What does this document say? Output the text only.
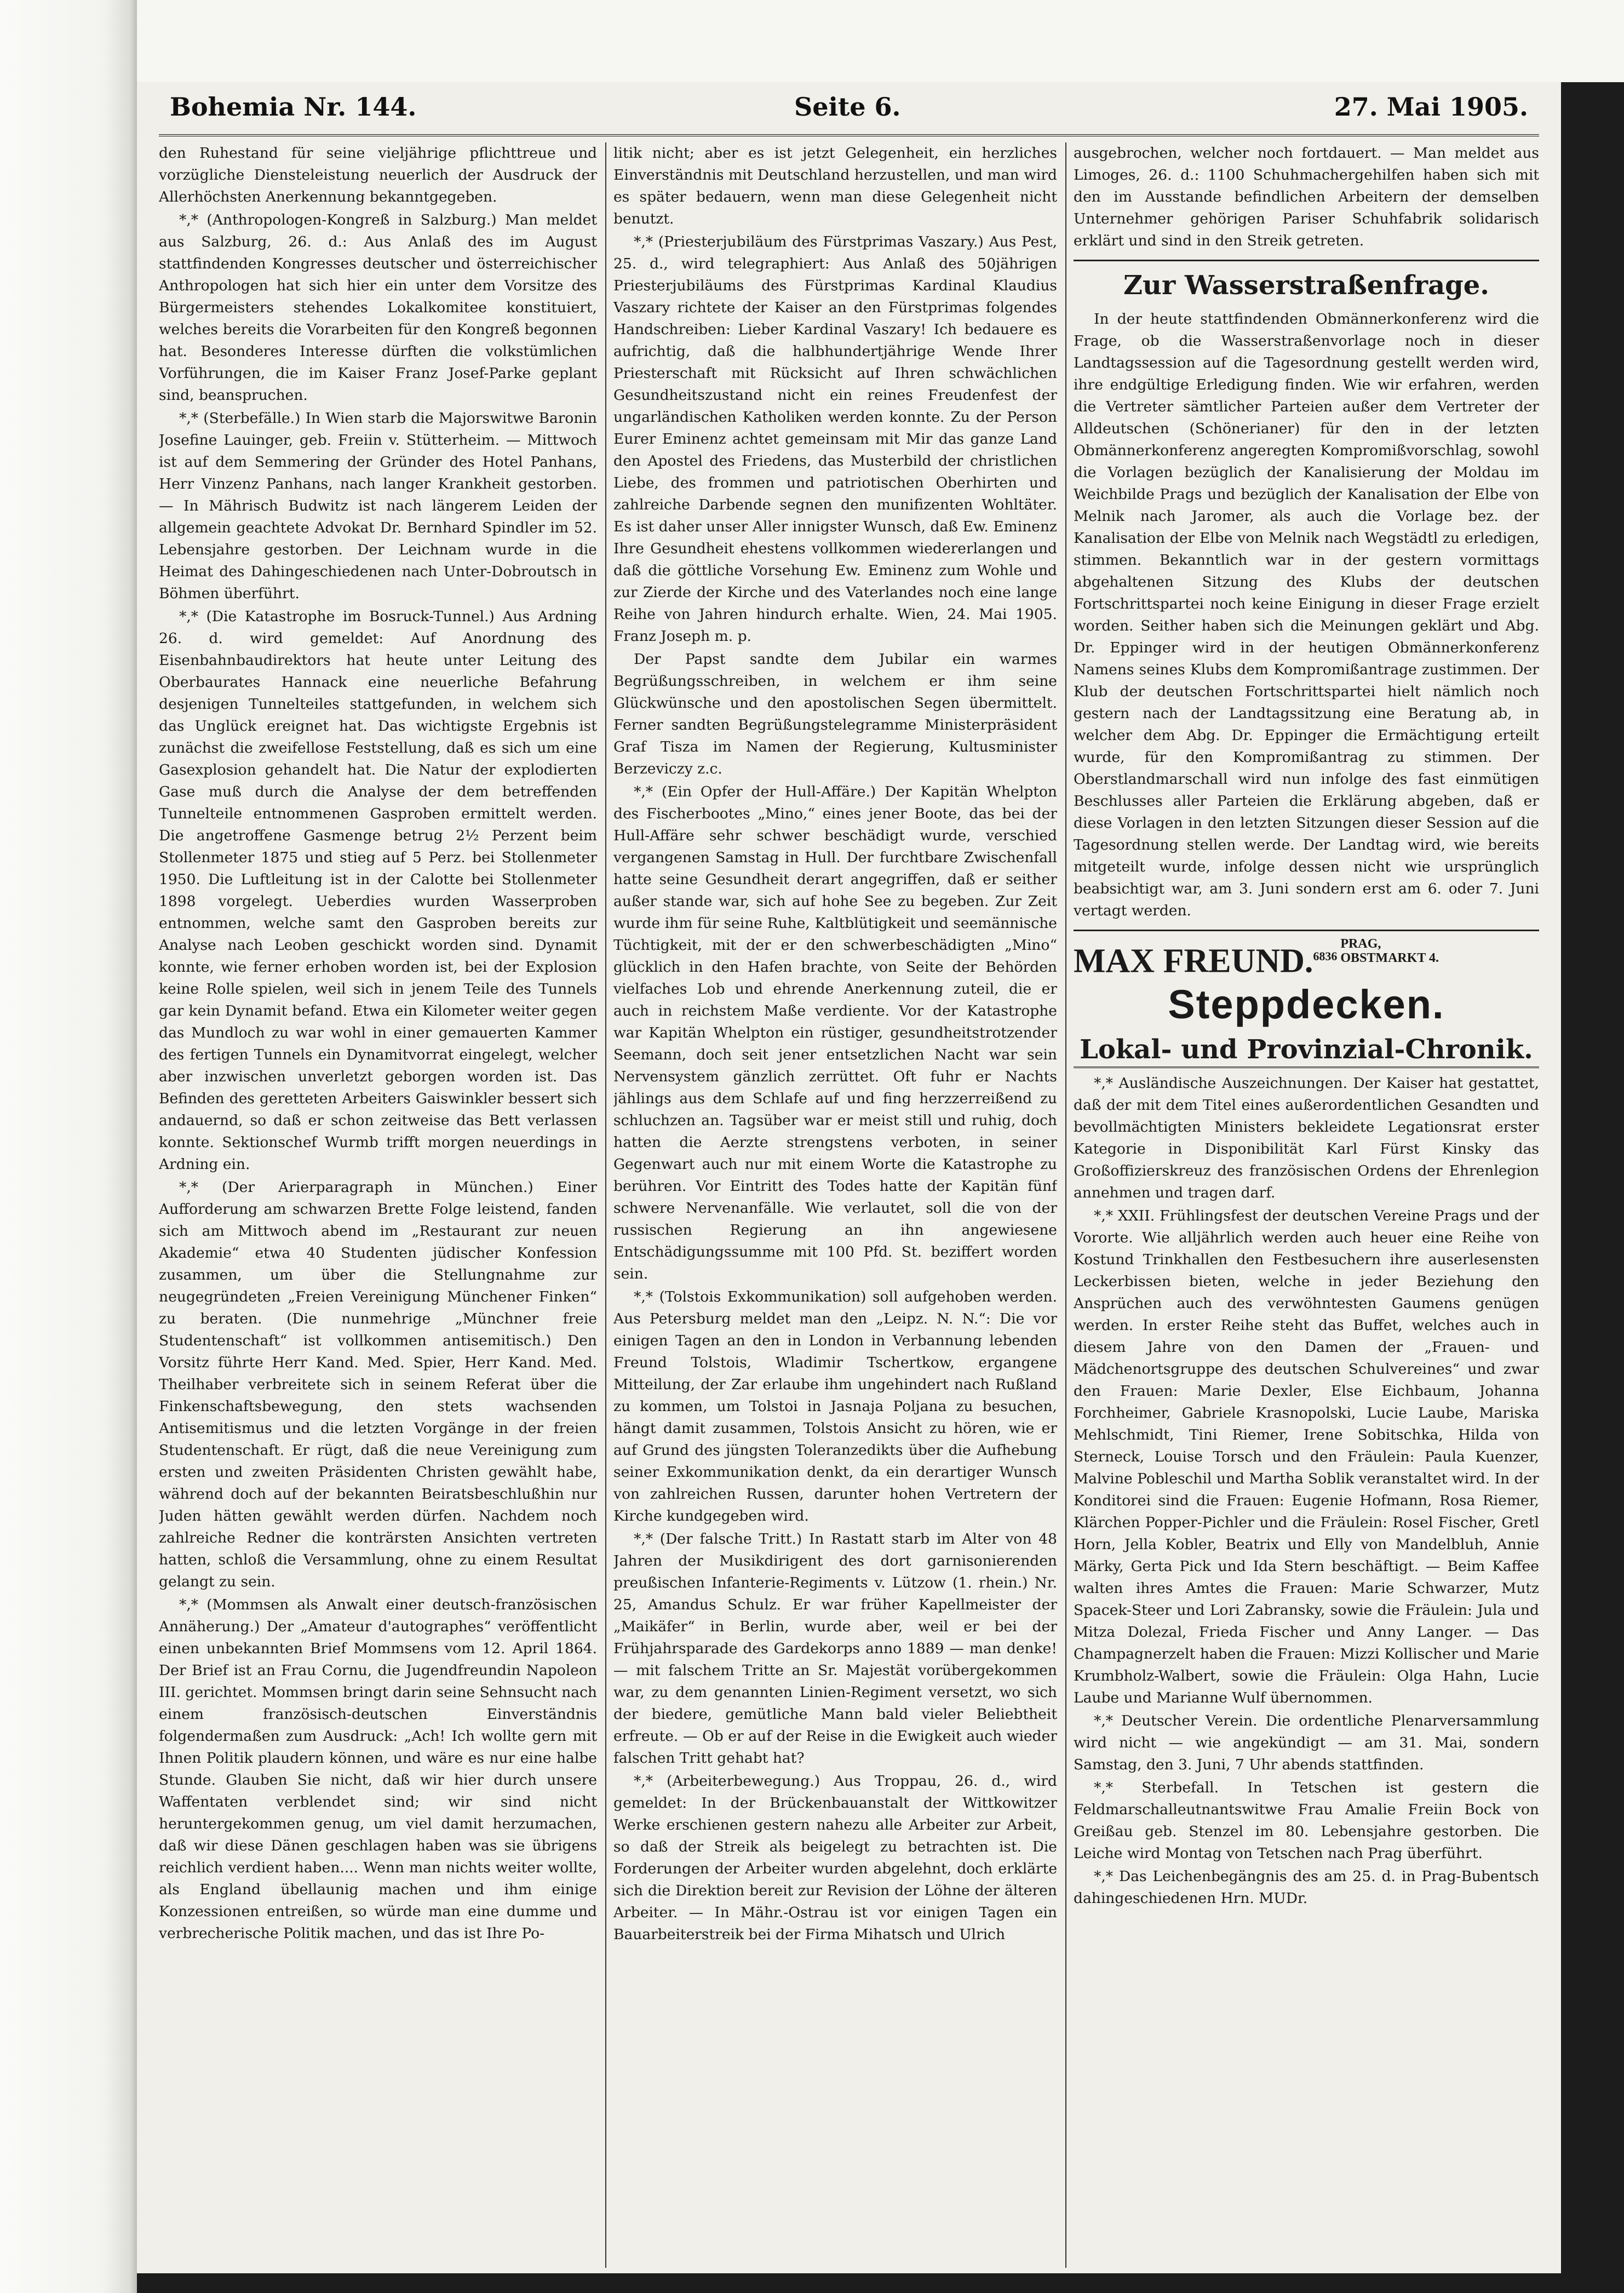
Bohemia Nr. 144.	Seite 6.	27. Mai 1905.

den Ruhestand für seine vieljährige pflichttreue und vorzügliche Diensteleistung neuerlich der Ausdruck der Allerhöchsten Anerkennung bekanntgegeben.

*,* (Anthropologen-Kongreß in Salzburg.) Man meldet aus Salzburg, 26. d.: Aus Anlaß des im August stattfindenden Kongresses deutscher und österreichischer Anthropologen hat sich hier ein unter dem Vorsitze des Bürgermeisters stehendes Lokalkomitee konstituiert, welches bereits die Vorarbeiten für den Kongreß begonnen hat. Besonderes Interesse dürften die volkstümlichen Vorführungen, die im Kaiser Franz Josef-Parke geplant sind, beanspruchen.

*,* (Sterbefälle.) In Wien starb die Majorswitwe Baronin Josefine Lauinger, geb. Freiin v. Stütterheim. — Mittwoch ist auf dem Semmering der Gründer des Hotel Panhans, Herr Vinzenz Panhans, nach langer Krankheit gestorben. — In Mährisch Budwitz ist nach längerem Leiden der allgemein geachtete Advokat Dr. Bernhard Spindler im 52. Lebensjahre gestorben. Der Leichnam wurde in die Heimat des Dahingeschiedenen nach Unter-Dobroutsch in Böhmen überführt.

*,* (Die Katastrophe im Bosruck-Tunnel.) Aus Ardning 26. d. wird gemeldet: Auf Anordnung des Eisenbahnbaudirektors hat heute unter Leitung des Oberbaurates Hannack eine neuerliche Befahrung desjenigen Tunnelteiles stattgefunden, in welchem sich das Unglück ereignet hat. Das wichtigste Ergebnis ist zunächst die zweifellose Feststellung, daß es sich um eine Gasexplosion gehandelt hat. Die Natur der explodierten Gase muß durch die Analyse der dem betreffenden Tunnelteile entnommenen Gasproben ermittelt werden. Die angetroffene Gasmenge betrug 2½ Perzent beim Stollenmeter 1875 und stieg auf 5 Perz. bei Stollenmeter 1950. Die Luftleitung ist in der Calotte bei Stollenmeter 1898 vorgelegt. Ueberdies wurden Wasserproben entnommen, welche samt den Gasproben bereits zur Analyse nach Leoben geschickt worden sind. Dynamit konnte, wie ferner erhoben worden ist, bei der Explosion keine Rolle spielen, weil sich in jenem Teile des Tunnels gar kein Dynamit befand. Etwa ein Kilometer weiter gegen das Mundloch zu war wohl in einer gemauerten Kammer des fertigen Tunnels ein Dynamitvorrat eingelegt, welcher aber inzwischen unverletzt geborgen worden ist. Das Befinden des geretteten Arbeiters Gaiswinkler bessert sich andauernd, so daß er schon zeitweise das Bett verlassen konnte. Sektionschef Wurmb trifft morgen neuerdings in Ardning ein.

*,* (Der Arierparagraph in München.) Einer Aufforderung am schwarzen Brette Folge leistend, fanden sich am Mittwoch abend im „Restaurant zur neuen Akademie“ etwa 40 Studenten jüdischer Konfession zusammen, um über die Stellungnahme zur neugegründeten „Freien Vereinigung Münchener Finken“ zu beraten. (Die nunmehrige „Münchner freie Studentenschaft“ ist vollkommen antisemitisch.) Den Vorsitz führte Herr Kand. Med. Spier, Herr Kand. Med. Theilhaber verbreitete sich in seinem Referat über die Finkenschaftsbewegung, den stets wachsenden Antisemitismus und die letzten Vorgänge in der freien Studentenschaft. Er rügt, daß die neue Vereinigung zum ersten und zweiten Präsidenten Christen gewählt habe, während doch auf der bekannten Beiratsbeschlußhin nur Juden hätten gewählt werden dürfen. Nachdem noch zahlreiche Redner die konträrsten Ansichten vertreten hatten, schloß die Versammlung, ohne zu einem Resultat gelangt zu sein.

*,* (Mommsen als Anwalt einer deutsch-französischen Annäherung.) Der „Amateur d'autographes“ veröffentlicht einen unbekannten Brief Mommsens vom 12. April 1864. Der Brief ist an Frau Cornu, die Jugendfreundin Napoleon III. gerichtet. Mommsen bringt darin seine Sehnsucht nach einem französisch-deutschen Einverständnis folgendermaßen zum Ausdruck: „Ach! Ich wollte gern mit Ihnen Politik plaudern können, und wäre es nur eine halbe Stunde. Glauben Sie nicht, daß wir hier durch unsere Waffentaten verblendet sind; wir sind nicht heruntergekommen genug, um viel damit herzumachen, daß wir diese Dänen geschlagen haben was sie übrigens reichlich verdient haben.... Wenn man nichts weiter wollte, als England übellaunig machen und ihm einige Konzessionen entreißen, so würde man eine dumme und verbrecherische Politik machen, und das ist Ihre Po-

litik nicht; aber es ist jetzt Gelegenheit, ein herzliches Einverständnis mit Deutschland herzustellen, und man wird es später bedauern, wenn man diese Gelegenheit nicht benutzt.

*,* (Priesterjubiläum des Fürstprimas Vaszary.) Aus Pest, 25. d., wird telegraphiert: Aus Anlaß des 50jährigen Priesterjubiläums des Fürstprimas Kardinal Klaudius Vaszary richtete der Kaiser an den Fürstprimas folgendes Handschreiben: Lieber Kardinal Vaszary! Ich bedauere es aufrichtig, daß die halbhundertjährige Wende Ihrer Priesterschaft mit Rücksicht auf Ihren schwächlichen Gesundheitszustand nicht ein reines Freudenfest der ungarländischen Katholiken werden konnte. Zu der Person Eurer Eminenz achtet gemeinsam mit Mir das ganze Land den Apostel des Friedens, das Musterbild der christlichen Liebe, des frommen und patriotischen Oberhirten und zahlreiche Darbende segnen den munifizenten Wohltäter. Es ist daher unser Aller innigster Wunsch, daß Ew. Eminenz Ihre Gesundheit ehestens vollkommen wiedererlangen und daß die göttliche Vorsehung Ew. Eminenz zum Wohle und zur Zierde der Kirche und des Vaterlandes noch eine lange Reihe von Jahren hindurch erhalte. Wien, 24. Mai 1905. Franz Joseph m. p.

Der Papst sandte dem Jubilar ein warmes Begrüßungsschreiben, in welchem er ihm seine Glückwünsche und den apostolischen Segen übermittelt. Ferner sandten Begrüßungstelegramme Ministerpräsident Graf Tisza im Namen der Regierung, Kultusminister Berzeviczy z.c.

*,* (Ein Opfer der Hull-Affäre.) Der Kapitän Whelpton des Fischerbootes „Mino,“ eines jener Boote, das bei der Hull-Affäre sehr schwer beschädigt wurde, verschied vergangenen Samstag in Hull. Der furchtbare Zwischenfall hatte seine Gesundheit derart angegriffen, daß er seither außer stande war, sich auf hohe See zu begeben. Zur Zeit wurde ihm für seine Ruhe, Kaltblütigkeit und seemännische Tüchtigkeit, mit der er den schwerbeschädigten „Mino“ glücklich in den Hafen brachte, von Seite der Behörden vielfaches Lob und ehrende Anerkennung zuteil, die er auch in reichstem Maße verdiente. Vor der Katastrophe war Kapitän Whelpton ein rüstiger, gesundheitstrotzender Seemann, doch seit jener entsetzlichen Nacht war sein Nervensystem gänzlich zerrüttet. Oft fuhr er Nachts jählings aus dem Schlafe auf und fing herzzerreißend zu schluchzen an. Tagsüber war er meist still und ruhig, doch hatten die Aerzte strengstens verboten, in seiner Gegenwart auch nur mit einem Worte die Katastrophe zu berühren. Vor Eintritt des Todes hatte der Kapitän fünf schwere Nervenanfälle. Wie verlautet, soll die von der russischen Regierung an ihn angewiesene Entschädigungssumme mit 100 Pfd. St. beziffert worden sein.

*,* (Tolstois Exkommunikation) soll aufgehoben werden. Aus Petersburg meldet man den „Leipz. N. N.“: Die vor einigen Tagen an den in London in Verbannung lebenden Freund Tolstois, Wladimir Tschertkow, ergangene Mitteilung, der Zar erlaube ihm ungehindert nach Rußland zu kommen, um Tolstoi in Jasnaja Poljana zu besuchen, hängt damit zusammen, Tolstois Ansicht zu hören, wie er auf Grund des jüngsten Toleranzedikts über die Aufhebung seiner Exkommunikation denkt, da ein derartiger Wunsch von zahlreichen Russen, darunter hohen Vertretern der Kirche kundgegeben wird.

*,* (Der falsche Tritt.) In Rastatt starb im Alter von 48 Jahren der Musikdirigent des dort garnisonierenden preußischen Infanterie-Regiments v. Lützow (1. rhein.) Nr. 25, Amandus Schulz. Er war früher Kapellmeister der „Maikäfer“ in Berlin, wurde aber, weil er bei der Frühjahrsparade des Gardekorps anno 1889 — man denke! — mit falschem Tritte an Sr. Majestät vorübergekommen war, zu dem genannten Linien-Regiment versetzt, wo sich der biedere, gemütliche Mann bald vieler Beliebtheit erfreute. — Ob er auf der Reise in die Ewigkeit auch wieder falschen Tritt gehabt hat?

*,* (Arbeiterbewegung.) Aus Troppau, 26. d., wird gemeldet: In der Brückenbauanstalt der Wittkowitzer Werke erschienen gestern nahezu alle Arbeiter zur Arbeit, so daß der Streik als beigelegt zu betrachten ist. Die Forderungen der Arbeiter wurden abgelehnt, doch erklärte sich die Direktion bereit zur Revision der Löhne der älteren Arbeiter. — In Mähr.-Ostrau ist vor einigen Tagen ein Bauarbeiterstreik bei der Firma Mihatsch und Ulrich

ausgebrochen, welcher noch fortdauert. — Man meldet aus Limoges, 26. d.: 1100 Schuhmachergehilfen haben sich mit den im Ausstande befindlichen Arbeitern der demselben Unternehmer gehörigen Pariser Schuhfabrik solidarisch erklärt und sind in den Streik getreten.

Zur Wasserstraßenfrage.

In der heute stattfindenden Obmännerkonferenz wird die Frage, ob die Wasserstraßenvorlage noch in dieser Landtagssession auf die Tagesordnung gestellt werden wird, ihre endgültige Erledigung finden. Wie wir erfahren, werden die Vertreter sämtlicher Parteien außer dem Vertreter der Alldeutschen (Schönerianer) für den in der letzten Obmännerkonferenz angeregten Kompromißvorschlag, sowohl die Vorlagen bezüglich der Kanalisierung der Moldau im Weichbilde Prags und bezüglich der Kanalisation der Elbe von Melnik nach Jaromer, als auch die Vorlage bez. der Kanalisation der Elbe von Melnik nach Wegstädtl zu erledigen, stimmen. Bekanntlich war in der gestern vormittags abgehaltenen Sitzung des Klubs der deutschen Fortschrittspartei noch keine Einigung in dieser Frage erzielt worden. Seither haben sich die Meinungen geklärt und Abg. Dr. Eppinger wird in der heutigen Obmännerkonferenz Namens seines Klubs dem Kompromißantrage zustimmen. Der Klub der deutschen Fortschrittspartei hielt nämlich noch gestern nach der Landtagssitzung eine Beratung ab, in welcher dem Abg. Dr. Eppinger die Ermächtigung erteilt wurde, für den Kompromißantrag zu stimmen. Der Oberstlandmarschall wird nun infolge des fast einmütigen Beschlusses aller Parteien die Erklärung abgeben, daß er diese Vorlagen in den letzten Sitzungen dieser Session auf die Tagesordnung stellen werde. Der Landtag wird, wie bereits mitgeteilt wurde, infolge dessen nicht wie ursprünglich beabsichtigt war, am 3. Juni sondern erst am 6. oder 7. Juni vertagt werden.

MAX FREUND.$^{6836}$PRAG,
OBSTMARKT 4.
Steppdecken.
Lokal- und Provinzial-Chronik.

*,* Ausländische Auszeichnungen. Der Kaiser hat gestattet, daß der mit dem Titel eines außerordentlichen Gesandten und bevollmächtigten Ministers bekleidete Legationsrat erster Kategorie in Disponibilität Karl Fürst Kinsky das Großoffizierskreuz des französischen Ordens der Ehrenlegion annehmen und tragen darf.

*,* XXII. Frühlingsfest der deutschen Vereine Prags und der Vororte. Wie alljährlich werden auch heuer eine Reihe von Kostund Trinkhallen den Festbesuchern ihre auserlesensten Leckerbissen bieten, welche in jeder Beziehung den Ansprüchen auch des verwöhntesten Gaumens genügen werden. In erster Reihe steht das Buffet, welches auch in diesem Jahre von den Damen der „Frauen- und Mädchenortsgruppe des deutschen Schulvereines“ und zwar den Frauen: Marie Dexler, Else Eichbaum, Johanna Forchheimer, Gabriele Krasnopolski, Lucie Laube, Mariska Mehlschmidt, Tini Riemer, Irene Sobitschka, Hilda von Sterneck, Louise Torsch und den Fräulein: Paula Kuenzer, Malvine Pobleschil und Martha Soblik veranstaltet wird. In der Konditorei sind die Frauen: Eugenie Hofmann, Rosa Riemer, Klärchen Popper-Pichler und die Fräulein: Rosel Fischer, Gretl Horn, Jella Kobler, Beatrix und Elly von Mandelbluh, Annie Märky, Gerta Pick und Ida Stern beschäftigt. — Beim Kaffee walten ihres Amtes die Frauen: Marie Schwarzer, Mutz Spacek-Steer und Lori Zabransky, sowie die Fräulein: Jula und Mitza Dolezal, Frieda Fischer und Anny Langer. — Das Champagnerzelt haben die Frauen: Mizzi Kollischer und Marie Krumbholz-Walbert, sowie die Fräulein: Olga Hahn, Lucie Laube und Marianne Wulf übernommen.

*,* Deutscher Verein. Die ordentliche Plenarversammlung wird nicht — wie angekündigt — am 31. Mai, sondern Samstag, den 3. Juni, 7 Uhr abends stattfinden.

*,* Sterbefall. In Tetschen ist gestern die Feldmarschalleutnantswitwe Frau Amalie Freiin Bock von Greißau geb. Stenzel im 80. Lebensjahre gestorben. Die Leiche wird Montag von Tetschen nach Prag überführt.

*,* Das Leichenbegängnis des am 25. d. in Prag-Bubentsch dahingeschiedenen Hrn. MUDr.
